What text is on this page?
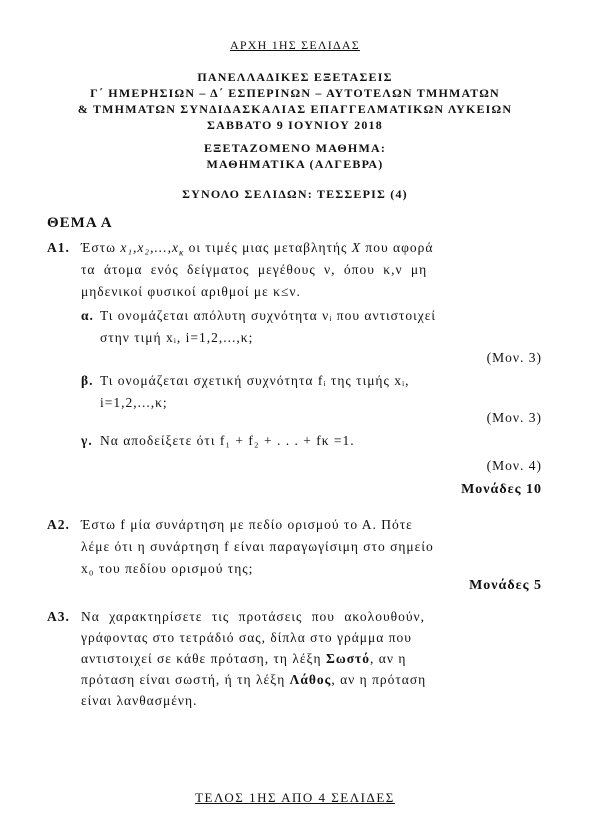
ΑΡΧΗ 1ΗΣ ΣΕΛΙΔΑΣ
ΠΑΝΕΛΛΑΔΙΚΕΣ ΕΞΕΤΑΣΕΙΣ
Γ΄ ΗΜΕΡΗΣΙΩΝ – Δ΄ ΕΣΠΕΡΙΝΩΝ – ΑΥΤΟΤΕΛΩΝ ΤΜΗΜΑΤΩΝ
& ΤΜΗΜΑΤΩΝ ΣΥΝΔΙΔΑΣΚΑΛΙΑΣ ΕΠΑΓΓΕΛΜΑΤΙΚΩΝ ΛΥΚΕΙΩΝ
ΣΑΒΒΑΤΟ 9 ΙΟΥΝΙΟΥ 2018
ΕΞΕΤΑΖΟΜΕΝΟ ΜΑΘΗΜΑ:
ΜΑΘΗΜΑΤΙΚΑ (ΑΛΓΕΒΡΑ)
ΣΥΝΟΛΟ ΣΕΛΙΔΩΝ: ΤΕΣΣΕΡΙΣ (4)
ΘΕΜΑ Α
Α1. Έστω $x_1,x_2,...,x_\kappa$ οι τιμές μιας μεταβλητής X που αφορά
τα άτομα ενός δείγματος μεγέθους ν, όπου κ,ν μη
μηδενικοί φυσικοί αριθμοί με κ≤ν.
α. Τι ονομάζεται απόλυτη συχνότητα νᵢ που αντιστοιχεί
στην τιμή xᵢ, i=1,2,...,κ;
(Μον. 3)
β. Τι ονομάζεται σχετική συχνότητα fᵢ της τιμής xᵢ,
i=1,2,...,κ;
(Μον. 3)
γ. Να αποδείξετε ότι f₁ + f₂ + . . . + fκ =1.
(Μον. 4)
Μονάδες 10
Α2. Έστω f μία συνάρτηση με πεδίο ορισμού το Α. Πότε
λέμε ότι η συνάρτηση f είναι παραγωγίσιμη στο σημείο
x₀ του πεδίου ορισμού της;
Μονάδες 5
Α3. Να χαρακτηρίσετε τις προτάσεις που ακολουθούν,
γράφοντας στο τετράδιό σας, δίπλα στο γράμμα που
αντιστοιχεί σε κάθε πρόταση, τη λέξη Σωστό, αν η
πρόταση είναι σωστή, ή τη λέξη Λάθος, αν η πρόταση
είναι λανθασμένη.
ΤΕΛΟΣ 1ΗΣ ΑΠΟ 4 ΣΕΛΙΔΕΣ
